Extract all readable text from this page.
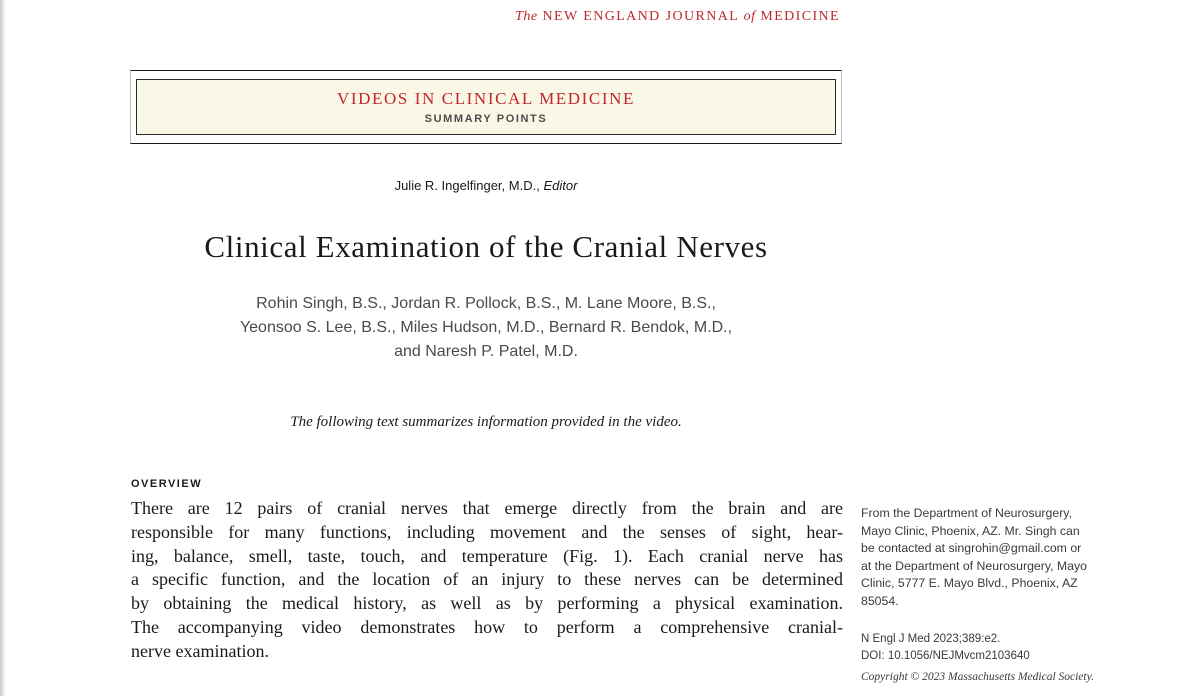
The NEW ENGLAND JOURNAL of MEDICINE
VIDEOS IN CLINICAL MEDICINE
SUMMARY POINTS
Julie R. Ingelfinger, M.D., Editor
Clinical Examination of the Cranial Nerves
Rohin Singh, B.S., Jordan R. Pollock, B.S., M. Lane Moore, B.S.,
Yeonsoo S. Lee, B.S., Miles Hudson, M.D., Bernard R. Bendok, M.D.,
and Naresh P. Patel, M.D.
The following text summarizes information provided in the video.
OVERVIEW
There are 12 pairs of cranial nerves that emerge directly from the brain and are
responsible for many functions, including movement and the senses of sight, hear-
ing, balance, smell, taste, touch, and temperature (Fig. 1). Each cranial nerve has
a specific function, and the location of an injury to these nerves can be determined
by obtaining the medical history, as well as by performing a physical examination.
The accompanying video demonstrates how to perform a comprehensive cranial-
nerve examination.
From the Department of Neurosurgery,
Mayo Clinic, Phoenix, AZ. Mr. Singh can
be contacted at singrohin@gmail.com or
at the Department of Neurosurgery, Mayo
Clinic, 5777 E. Mayo Blvd., Phoenix, AZ
85054.
N Engl J Med 2023;389:e2.
DOI: 10.1056/NEJMvcm2103640
Copyright © 2023 Massachusetts Medical Society.
